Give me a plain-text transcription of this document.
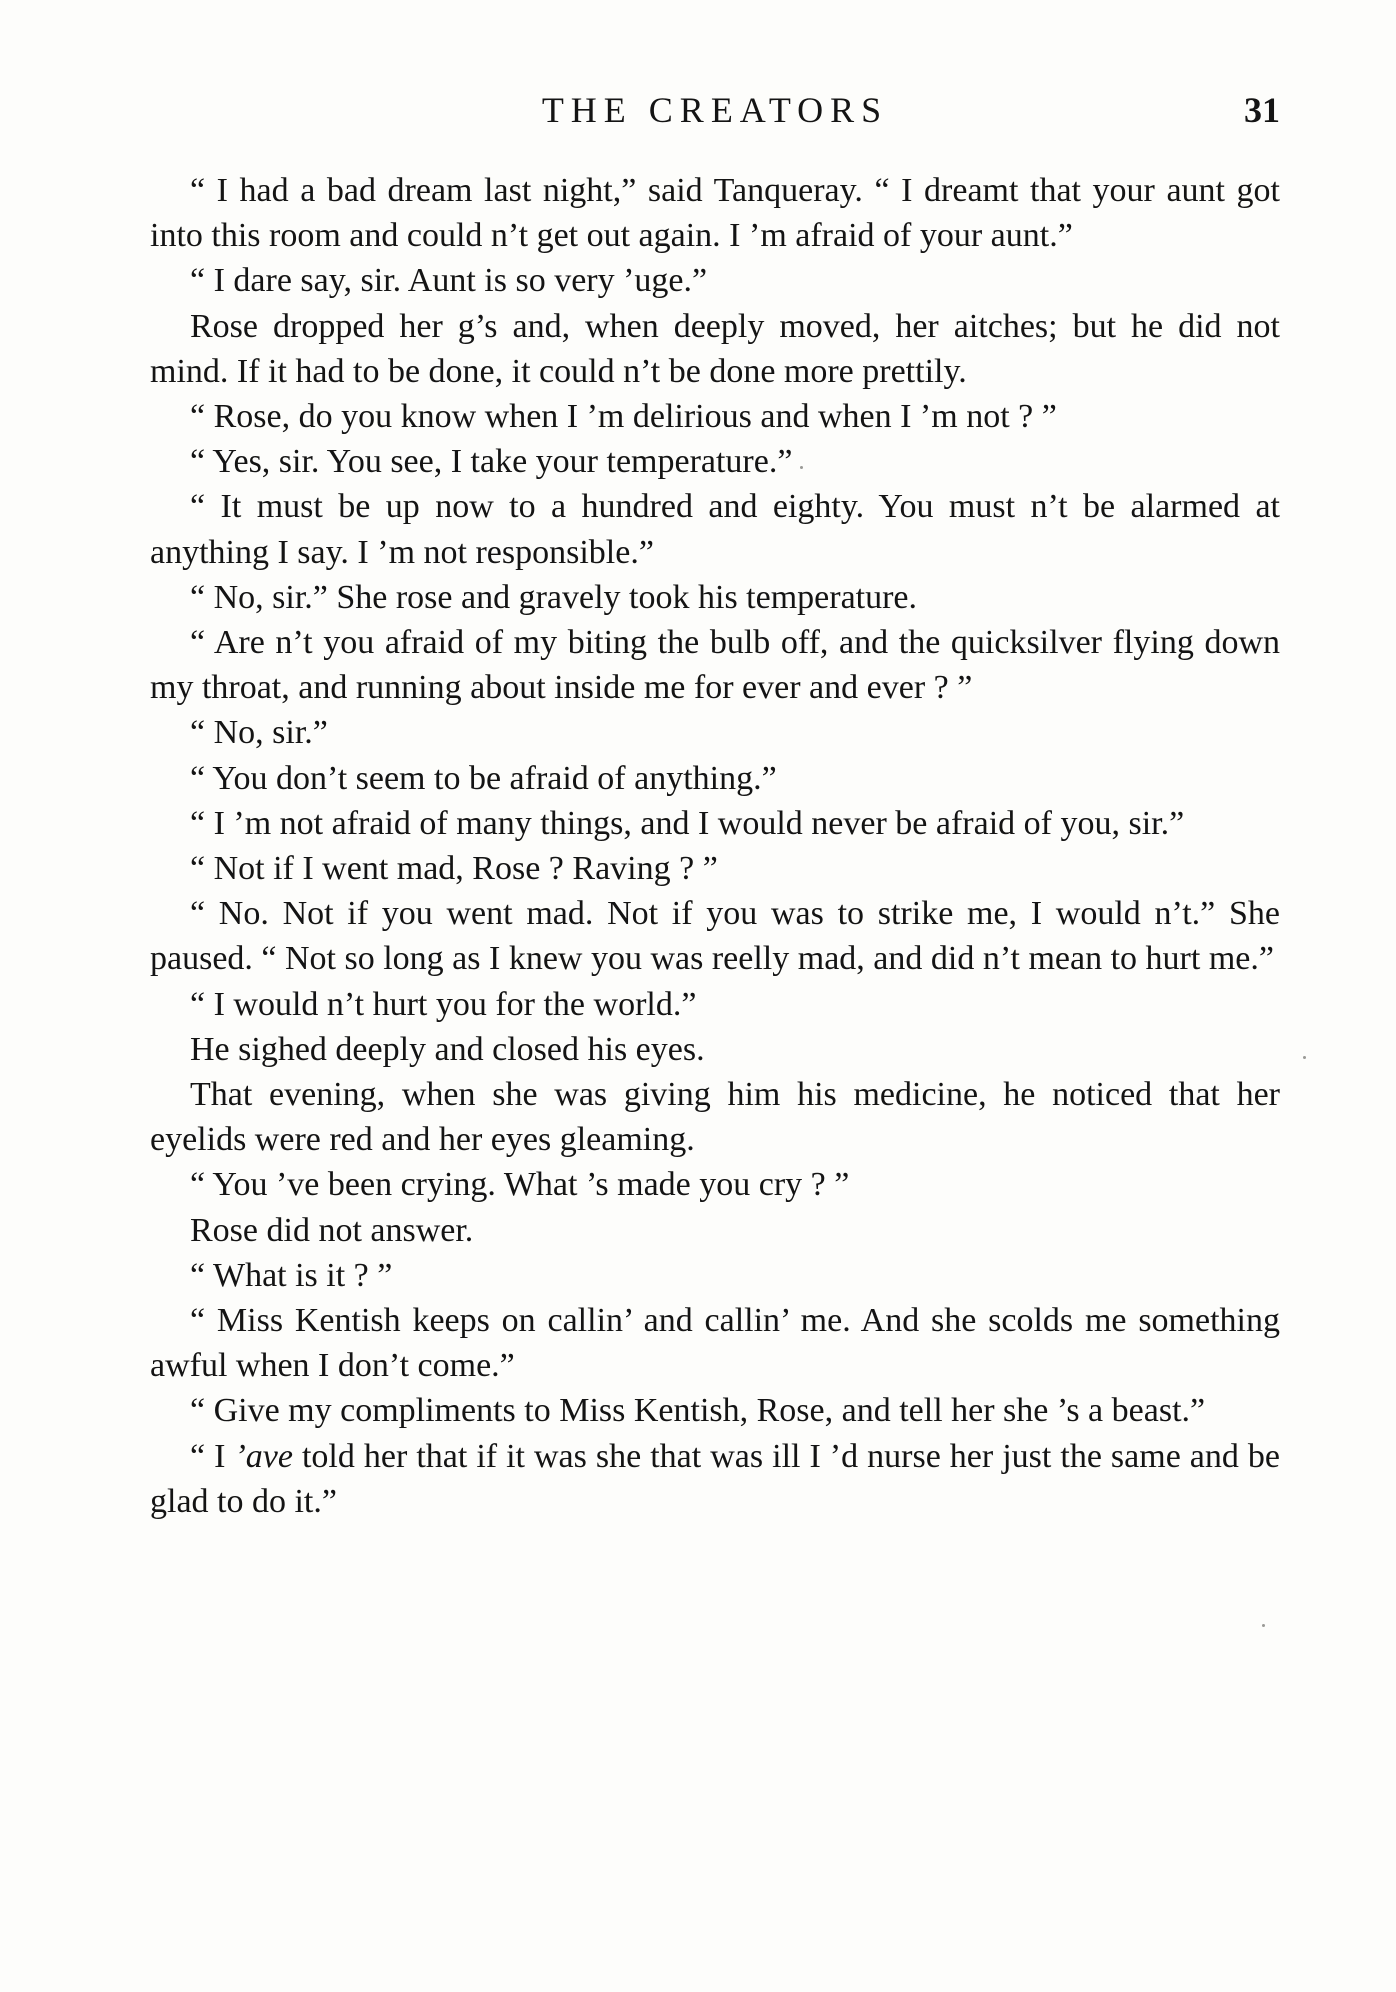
THE CREATORS	31

“ I had a bad dream last night,” said Tanqueray. “ I dreamt that your aunt got into this room and could n’t get out again. I ’m afraid of your aunt.”

“ I dare say, sir. Aunt is so very ’uge.”

Rose dropped her g’s and, when deeply moved, her aitches; but he did not mind. If it had to be done, it could n’t be done more prettily.

“ Rose, do you know when I ’m delirious and when I ’m not ? ”

“ Yes, sir. You see, I take your temperature.”

“ It must be up now to a hundred and eighty. You must n’t be alarmed at anything I say. I ’m not responsible.”

“ No, sir.” She rose and gravely took his temperature.

“ Are n’t you afraid of my biting the bulb off, and the quicksilver flying down my throat, and running about inside me for ever and ever ? ”

“ No, sir.”

“ You don’t seem to be afraid of anything.”

“ I ’m not afraid of many things, and I would never be afraid of you, sir.”

“ Not if I went mad, Rose ? Raving ? ”

“ No. Not if you went mad. Not if you was to strike me, I would n’t.” She paused. “ Not so long as I knew you was reelly mad, and did n’t mean to hurt me.”

“ I would n’t hurt you for the world.”

He sighed deeply and closed his eyes.

That evening, when she was giving him his medicine, he noticed that her eyelids were red and her eyes gleaming.

“ You ’ve been crying. What ’s made you cry ? ”

Rose did not answer.

“ What is it ? ”

“ Miss Kentish keeps on callin’ and callin’ me. And she scolds me something awful when I don’t come.”

“ Give my compliments to Miss Kentish, Rose, and tell her she ’s a beast.”

“ I ’ave told her that if it was she that was ill I ’d nurse her just the same and be glad to do it.”
